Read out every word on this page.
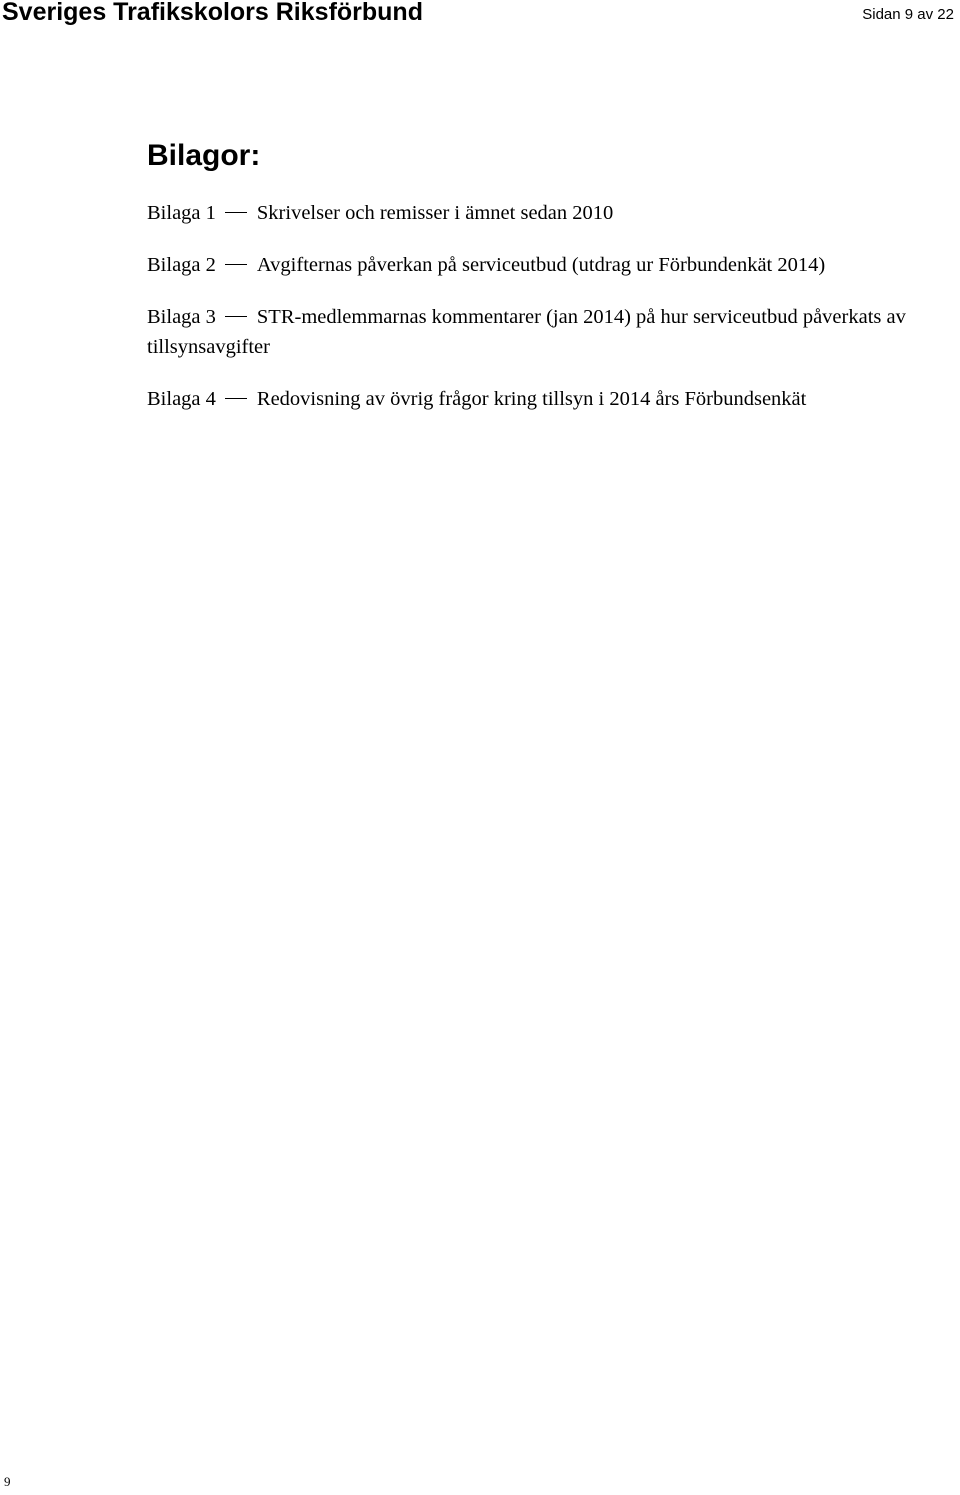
Sveriges Trafikskolors Riksförbund	Sidan 9 av 22
Bilagor:
Bilaga 1 Skrivelser och remisser i ämnet sedan 2010
Bilaga 2 Avgifternas påverkan på serviceutbud (utdrag ur Förbundenkät 2014)
Bilaga 3 STR-medlemmarnas kommentarer (jan 2014) på hur serviceutbud påverkats av tillsynsavgifter
Bilaga 4 Redovisning av övrig frågor kring tillsyn i 2014 års Förbundsenkät
9
